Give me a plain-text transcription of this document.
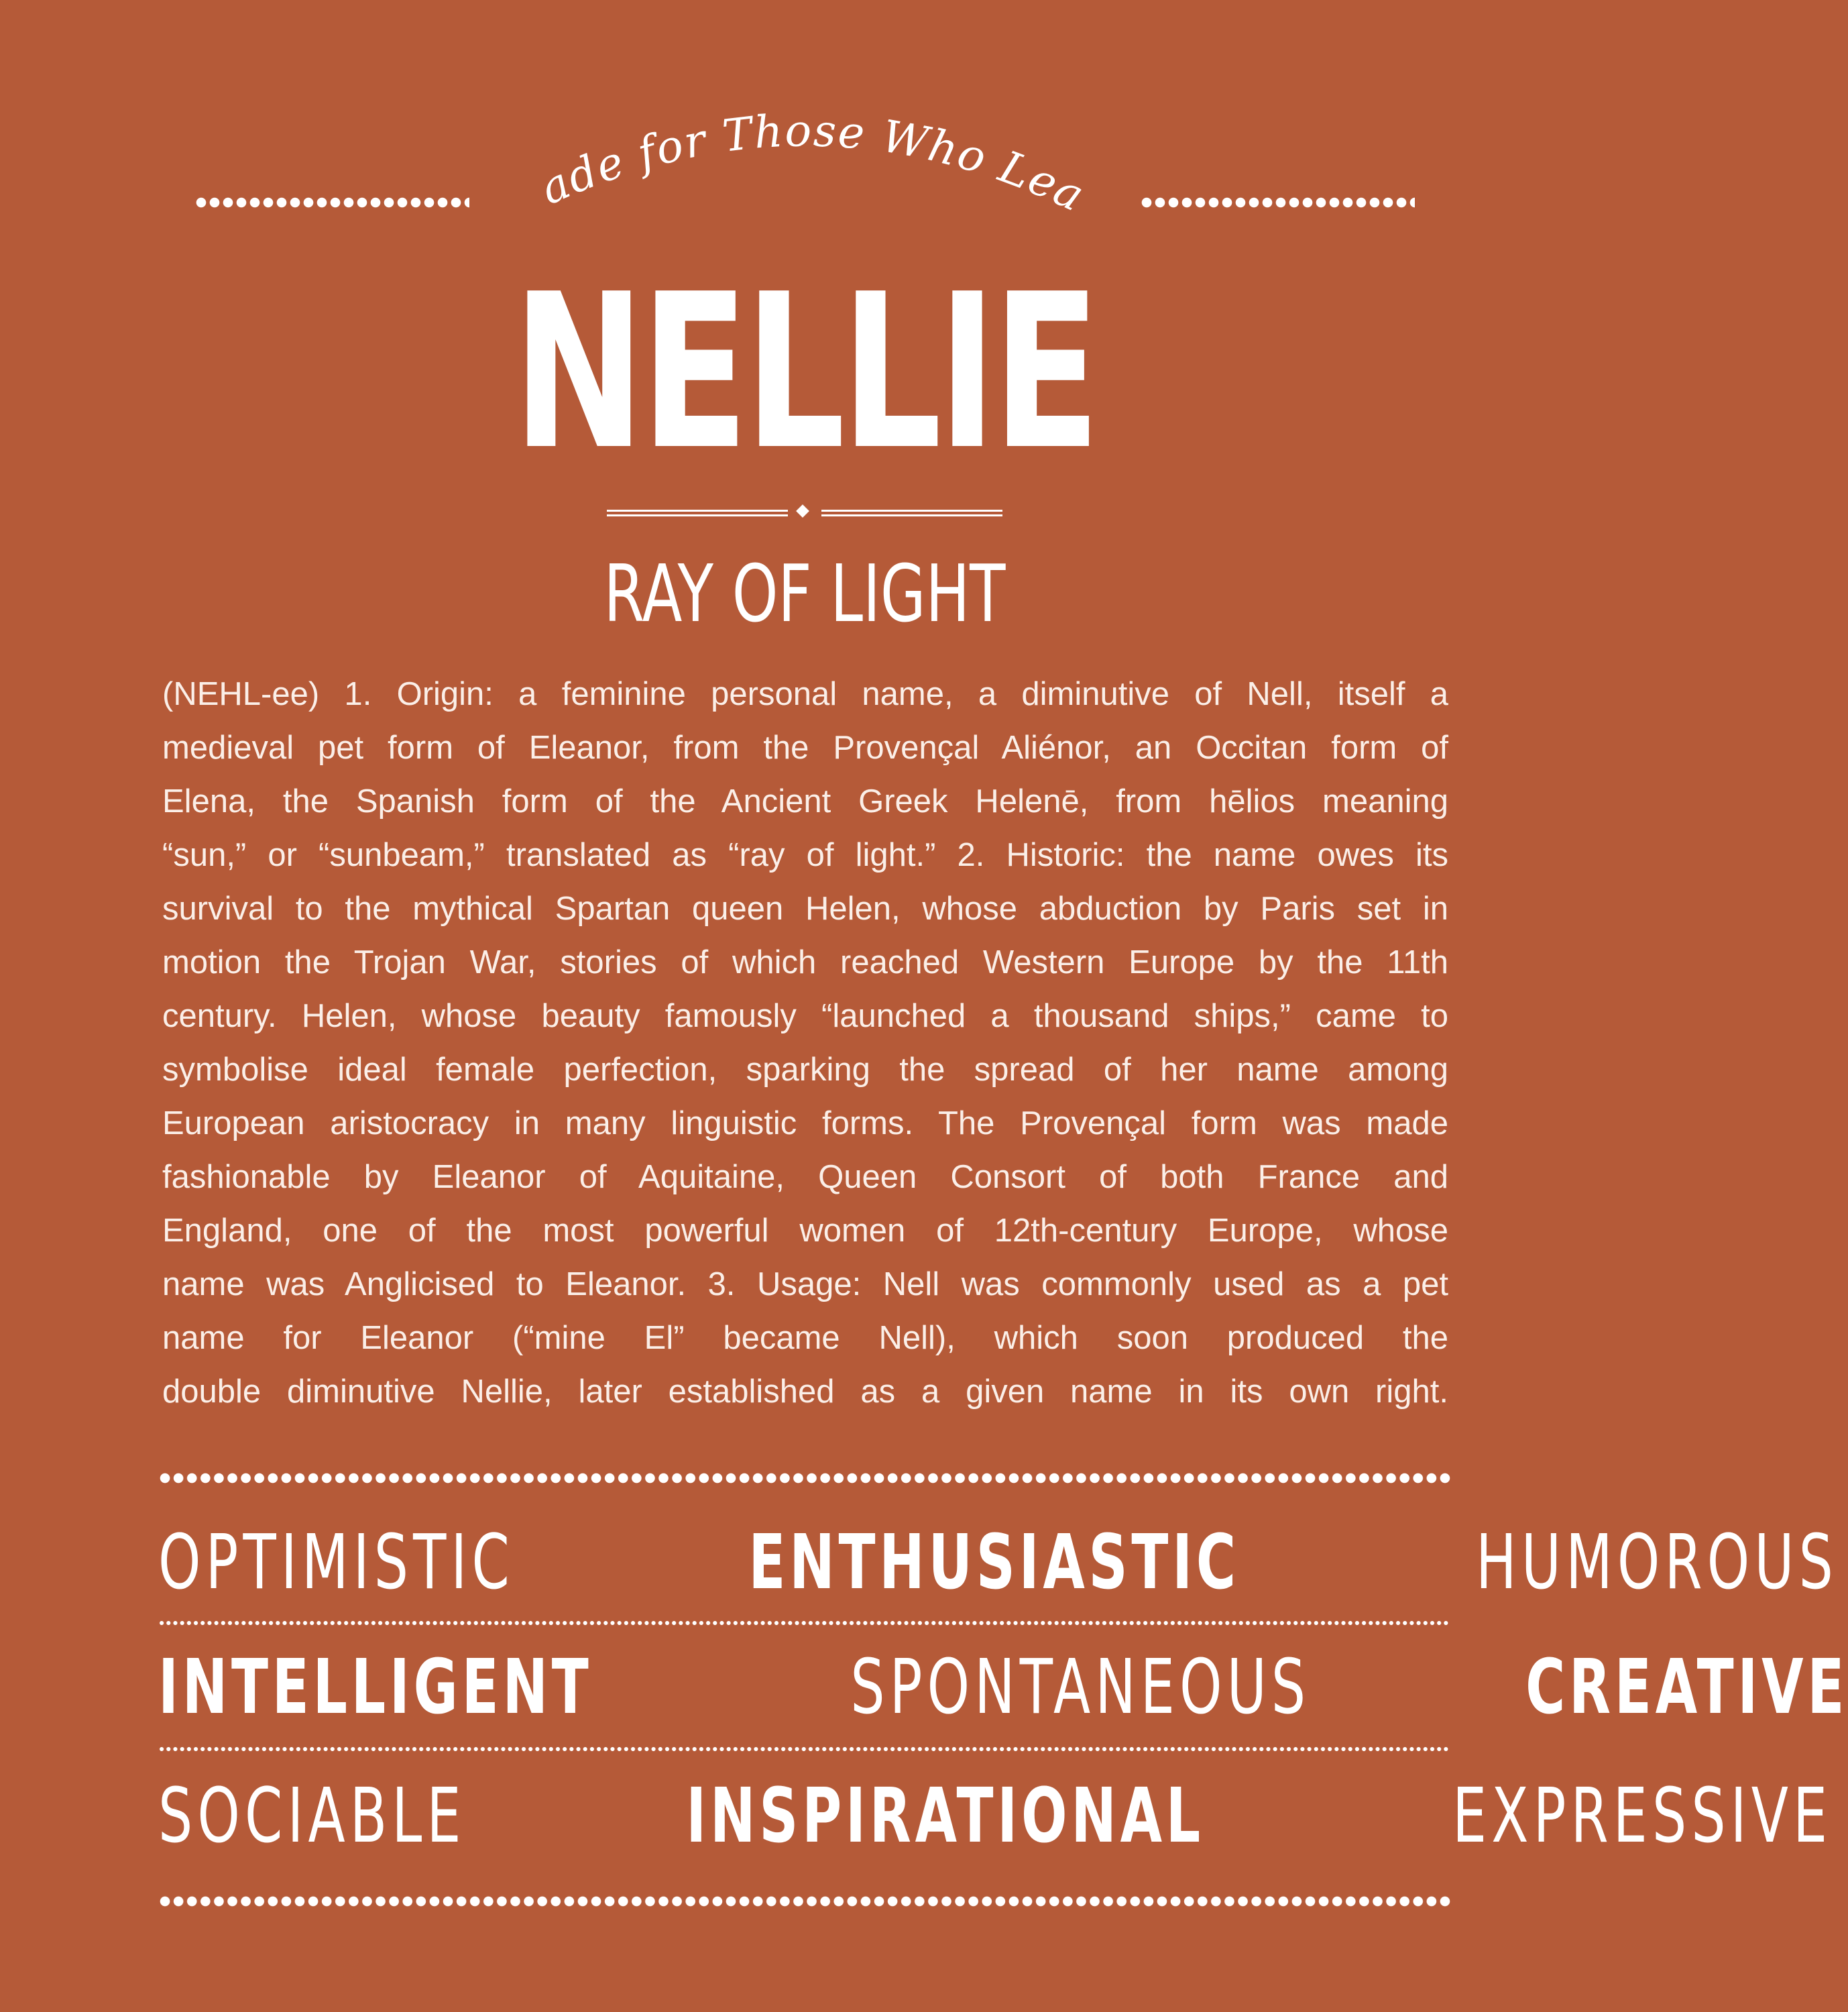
Made for Those Who Lead
NELLIE
RAY OF LIGHT
(NEHL-ee) 1. Origin: a feminine personal name, a diminutive of Nell, itself a
medieval pet form of Eleanor, from the Provençal Aliénor, an Occitan form of
Elena, the Spanish form of the Ancient Greek Helenē, from hēlios meaning
“sun,” or “sunbeam,” translated as “ray of light.” 2. Historic: the name owes its
survival to the mythical Spartan queen Helen, whose abduction by Paris set in
motion the Trojan War, stories of which reached Western Europe by the 11th
century. Helen, whose beauty famously “launched a thousand ships,” came to
symbolise ideal female perfection, sparking the spread of her name among
European aristocracy in many linguistic forms. The Provençal form was made
fashionable by Eleanor of Aquitaine, Queen Consort of both France and
England, one of the most powerful women of 12th-century Europe, whose
name was Anglicised to Eleanor. 3. Usage: Nell was commonly used as a pet
name for Eleanor (“mine El” became Nell), which soon produced the
double diminutive Nellie, later established as a given name in its own right.
OPTIMISTIC	ENTHUSIASTIC	HUMOROUS
INTELLIGENT	SPONTANEOUS	CREATIVE
SOCIABLE	INSPIRATIONAL	EXPRESSIVE
